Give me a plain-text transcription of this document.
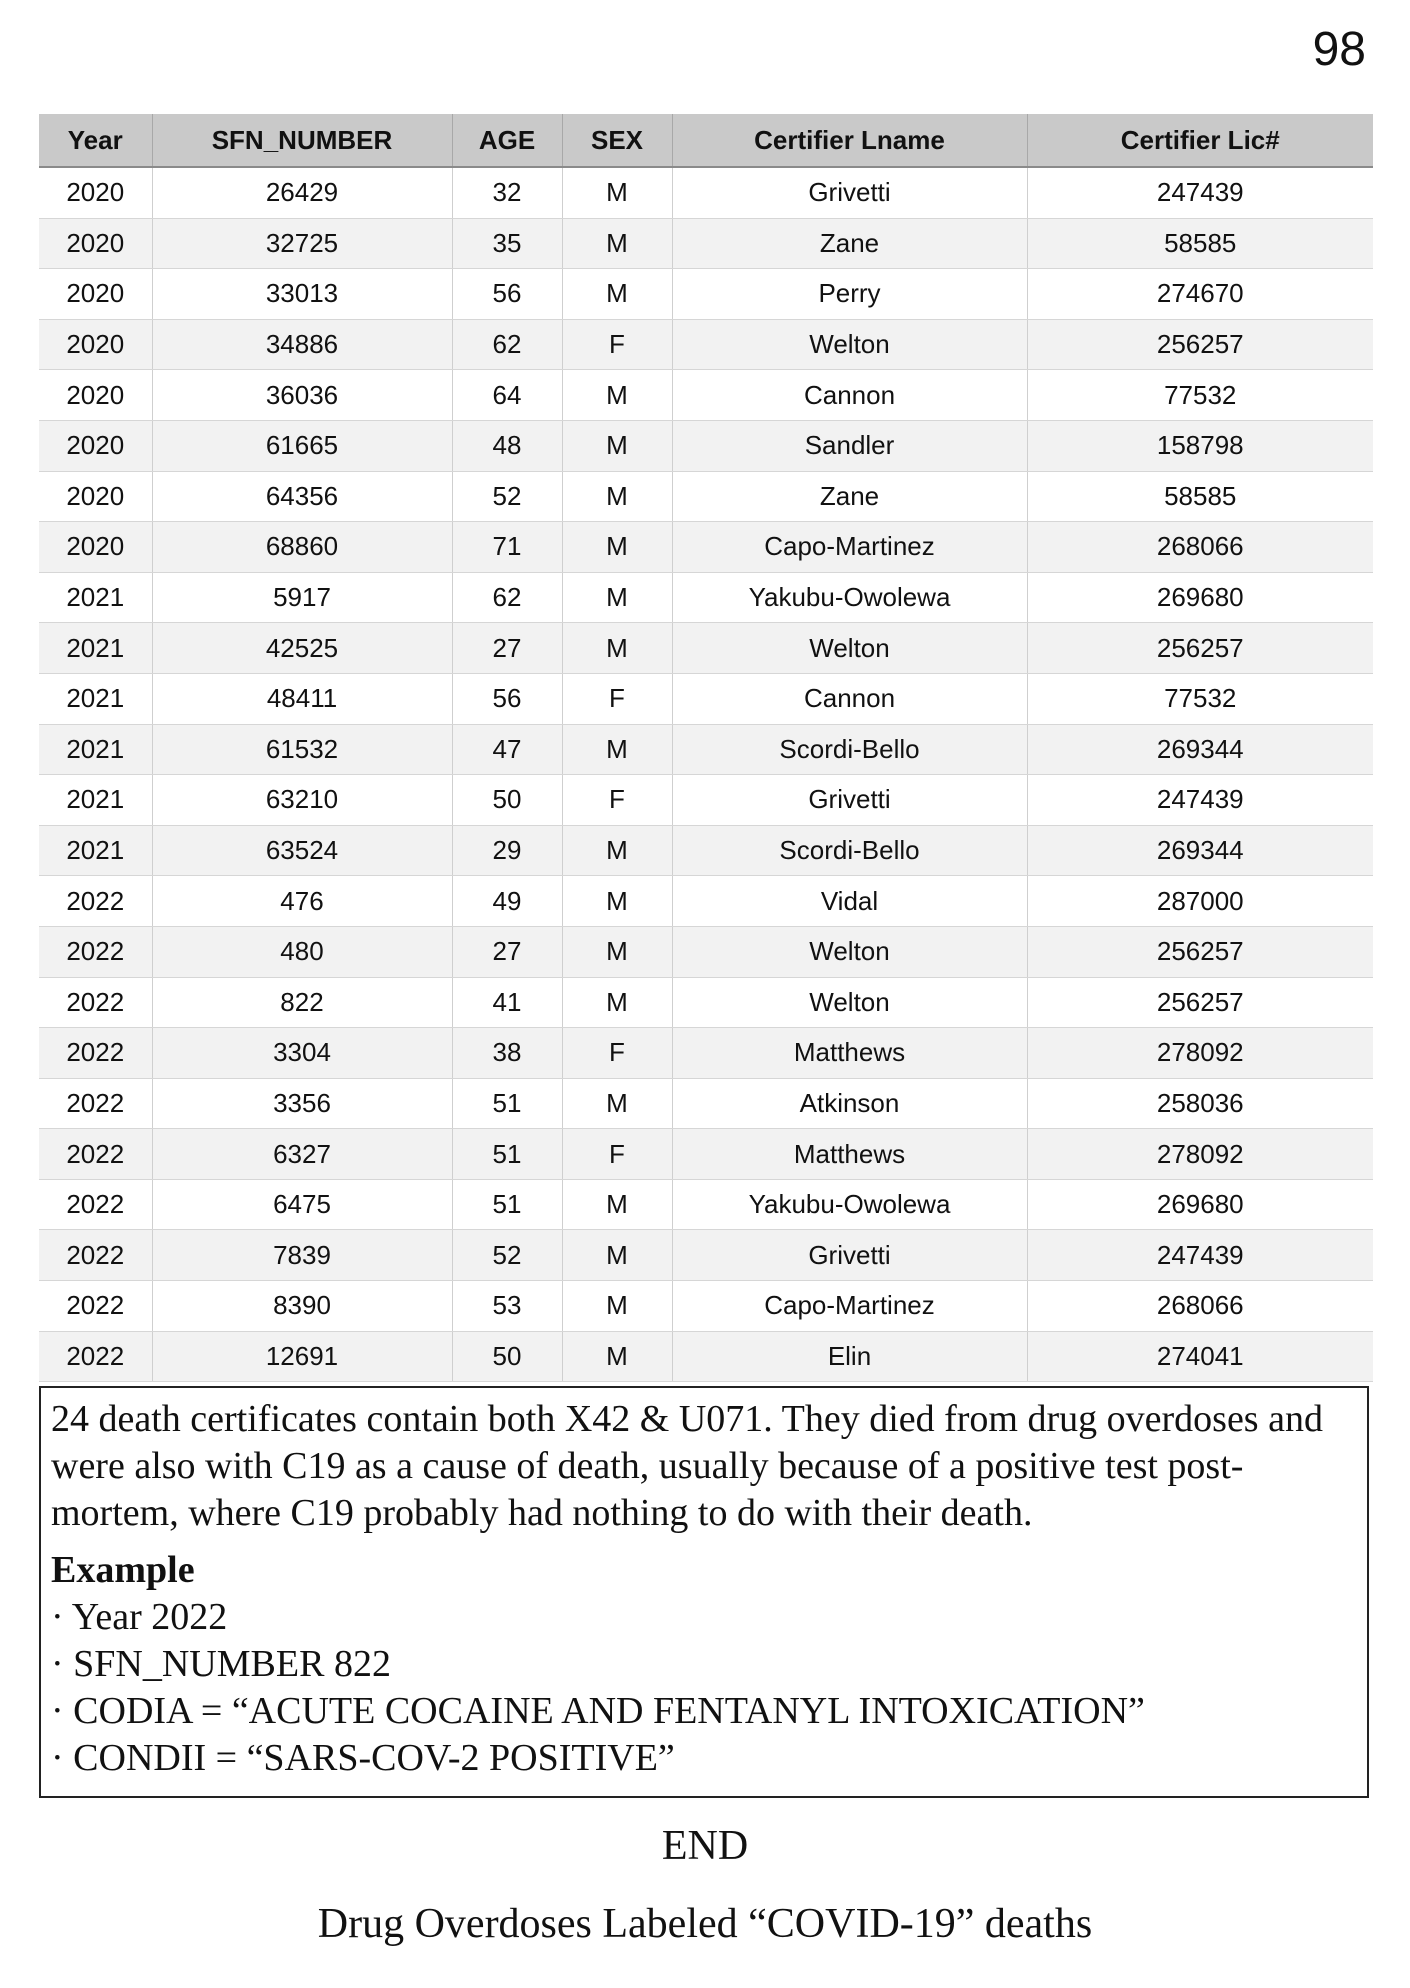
98
Year	SFN_NUMBER	AGE	SEX	Certifier Lname	Certifier Lic#
2020	26429	32	M	Grivetti	247439
2020	32725	35	M	Zane	58585
2020	33013	56	M	Perry	274670
2020	34886	62	F	Welton	256257
2020	36036	64	M	Cannon	77532
2020	61665	48	M	Sandler	158798
2020	64356	52	M	Zane	58585
2020	68860	71	M	Capo-Martinez	268066
2021	5917	62	M	Yakubu-Owolewa	269680
2021	42525	27	M	Welton	256257
2021	48411	56	F	Cannon	77532
2021	61532	47	M	Scordi-Bello	269344
2021	63210	50	F	Grivetti	247439
2021	63524	29	M	Scordi-Bello	269344
2022	476	49	M	Vidal	287000
2022	480	27	M	Welton	256257
2022	822	41	M	Welton	256257
2022	3304	38	F	Matthews	278092
2022	3356	51	M	Atkinson	258036
2022	6327	51	F	Matthews	278092
2022	6475	51	M	Yakubu-Owolewa	269680
2022	7839	52	M	Grivetti	247439
2022	8390	53	M	Capo-Martinez	268066
2022	12691	50	M	Elin	274041

24 death certificates contain both X42 & U071. They died from drug overdoses and were also with C19 as a cause of death, usually because of a positive test post-mortem, where C19 probably had nothing to do with their death.

Example
· Year 2022
· SFN_NUMBER 822
· CODIA = “ACUTE COCAINE AND FENTANYL INTOXICATION”
· CONDII = “SARS-COV-2 POSITIVE”
END
Drug Overdoses Labeled “COVID-19” deaths
